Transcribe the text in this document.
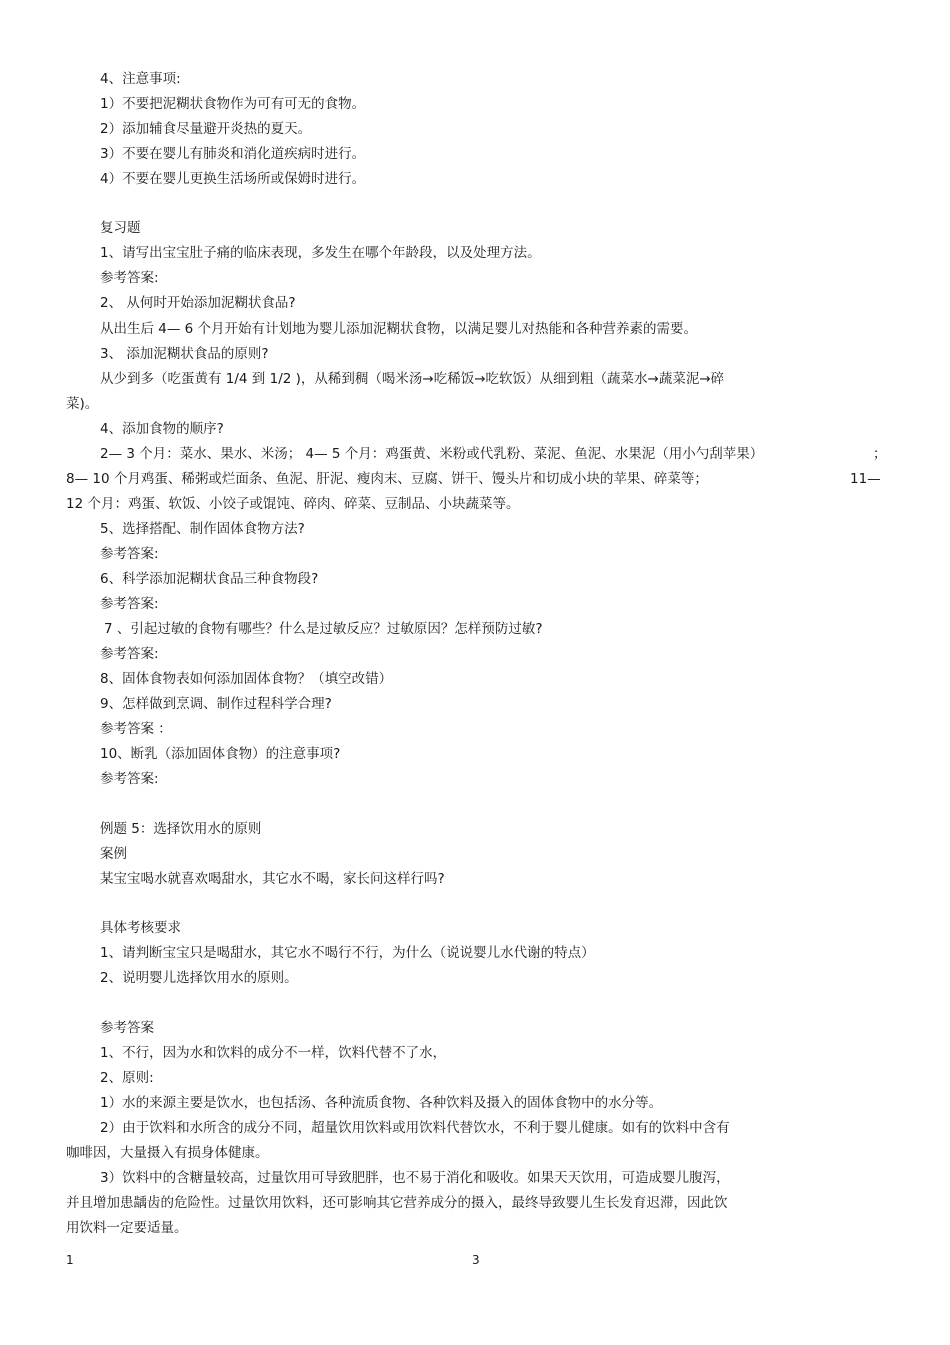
4、注意事项:
1）不要把泥糊状食物作为可有可无的食物。
2）添加辅食尽量避开炎热的夏天。
3）不要在婴儿有肺炎和消化道疾病时进行。
4）不要在婴儿更换生活场所或保姆时进行。
复习题
1、请写出宝宝肚子痛的临床表现，多发生在哪个年龄段，以及处理方法。
参考答案:
2、 从何时开始添加泥糊状食品?
从出生后 4— 6 个月开始有计划地为婴儿添加泥糊状食物，以满足婴儿对热能和各种营养素的需要。
3、 添加泥糊状食品的原则?
从少到多（吃蛋黄有 1/4 到 1/2 )，从稀到稠（喝米汤→吃稀饭→吃软饭）从细到粗（蔬菜水→蔬菜泥→碎
菜)。
4、添加食物的顺序?
2— 3 个月：菜水、果水、米汤； 4— 5 个月：鸡蛋黄、米粉或代乳粉、菜泥、鱼泥、水果泥（用小勺刮苹果）	；
8— 10 个月鸡蛋、稀粥或烂面条、鱼泥、肝泥、瘦肉末、豆腐、饼干、馒头片和切成小块的苹果、碎菜等；	11—
12 个月：鸡蛋、软饭、小饺子或馄饨、碎肉、碎菜、豆制品、小块蔬菜等。
5、选择搭配、制作固体食物方法?
参考答案:
6、科学添加泥糊状食品三种食物段?
参考答案:
7 、引起过敏的食物有哪些？什么是过敏反应？过敏原因？怎样预防过敏?
参考答案:
8、固体食物表如何添加固体食物？（填空改错）
9、怎样做到烹调、制作过程科学合理?
参考答案 ：
10、断乳（添加固体食物）的注意事项?
参考答案:
例题 5：选择饮用水的原则
案例
某宝宝喝水就喜欢喝甜水，其它水不喝，家长问这样行吗?
具体考核要求
1、请判断宝宝只是喝甜水，其它水不喝行不行，为什么（说说婴儿水代谢的特点）
2、说明婴儿选择饮用水的原则。
参考答案
1、不行，因为水和饮料的成分不一样，饮料代替不了水，
2、原则:
1）水的来源主要是饮水，也包括汤、各种流质食物、各种饮料及摄入的固体食物中的水分等。
2）由于饮料和水所含的成分不同，超量饮用饮料或用饮料代替饮水，不利于婴儿健康。如有的饮料中含有
咖啡因，大量摄入有损身体健康。
3）饮料中的含糖量较高，过量饮用可导致肥胖，也不易于消化和吸收。如果天天饮用，可造成婴儿腹泻，
并且增加患龋齿的危险性。过量饮用饮料，还可影响其它营养成分的摄入，最终导致婴儿生长发育迟滞，因此饮
用饮料一定要适量。
1	3
